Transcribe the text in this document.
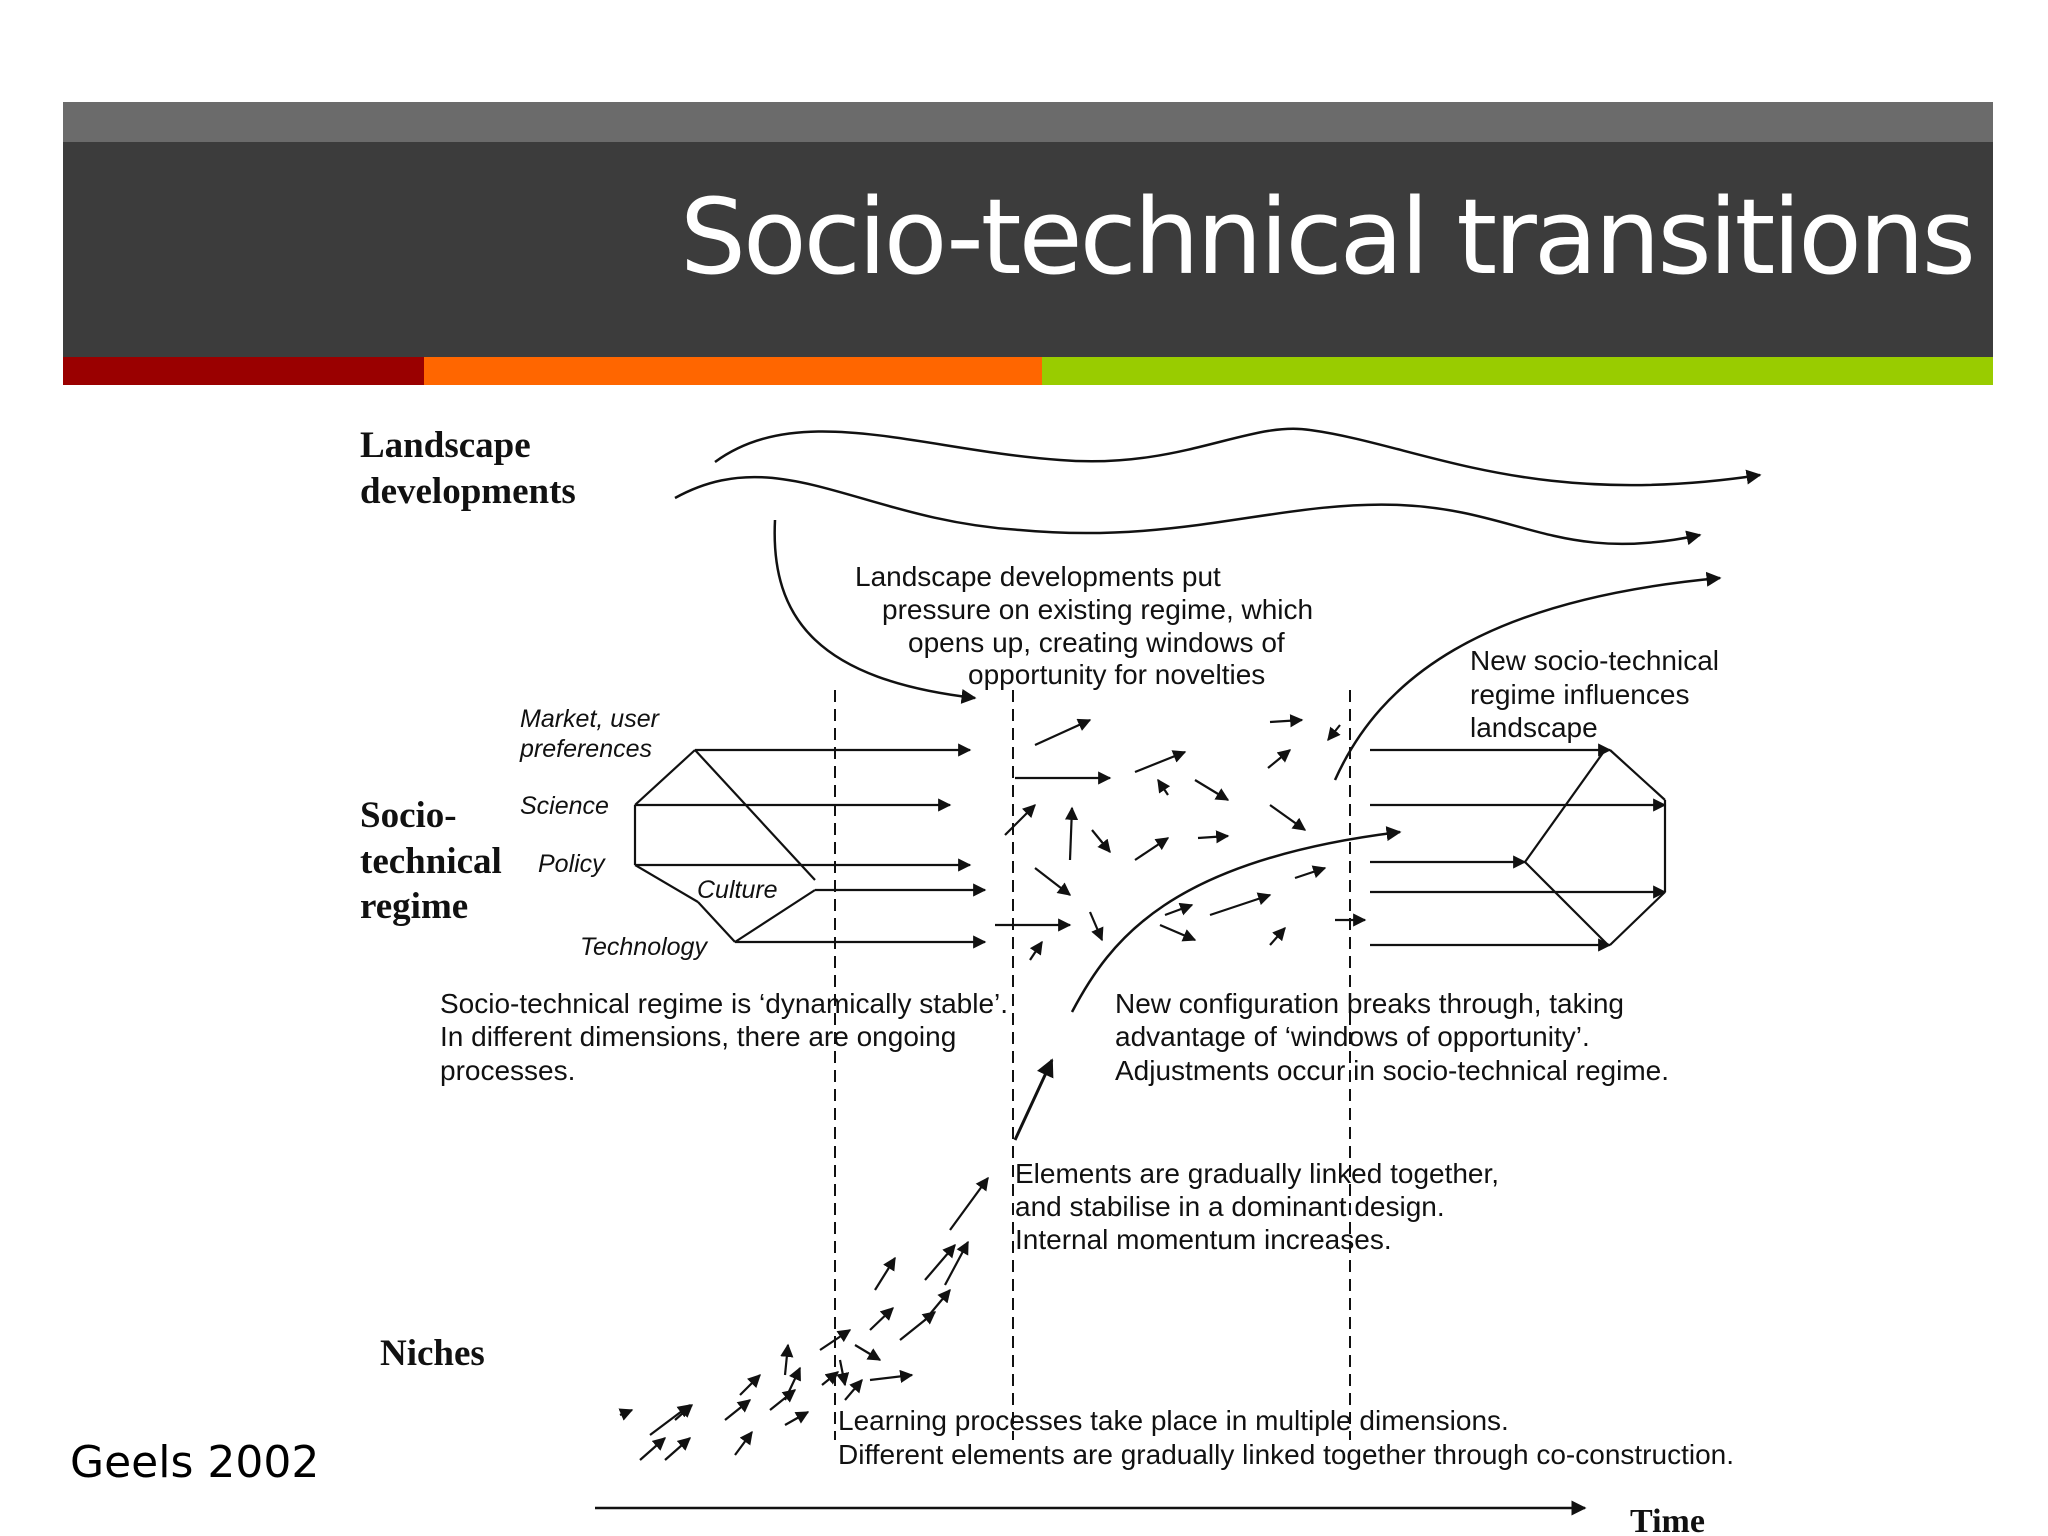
Socio-technical transitions
Landscape
developments
Socio-
technical
regime
Niches
Market, user
preferences
Science
Policy
Culture
Technology
Landscape developments put
pressure on existing regime, which
opens up, creating windows of
opportunity for novelties	New socio-technical
regime influences
landscape
Socio-technical regime is ‘dynamically stable’.
In different dimensions, there are ongoing
processes.
New configuration breaks through, taking
advantage of ‘windows of opportunity’.
Adjustments occur in socio-technical regime.
Elements are gradually linked together,
and stabilise in a dominant design.
Internal momentum increases.
Learning processes take place in multiple dimensions.
Different elements are gradually linked together through co-construction.
Time
Geels 2002
